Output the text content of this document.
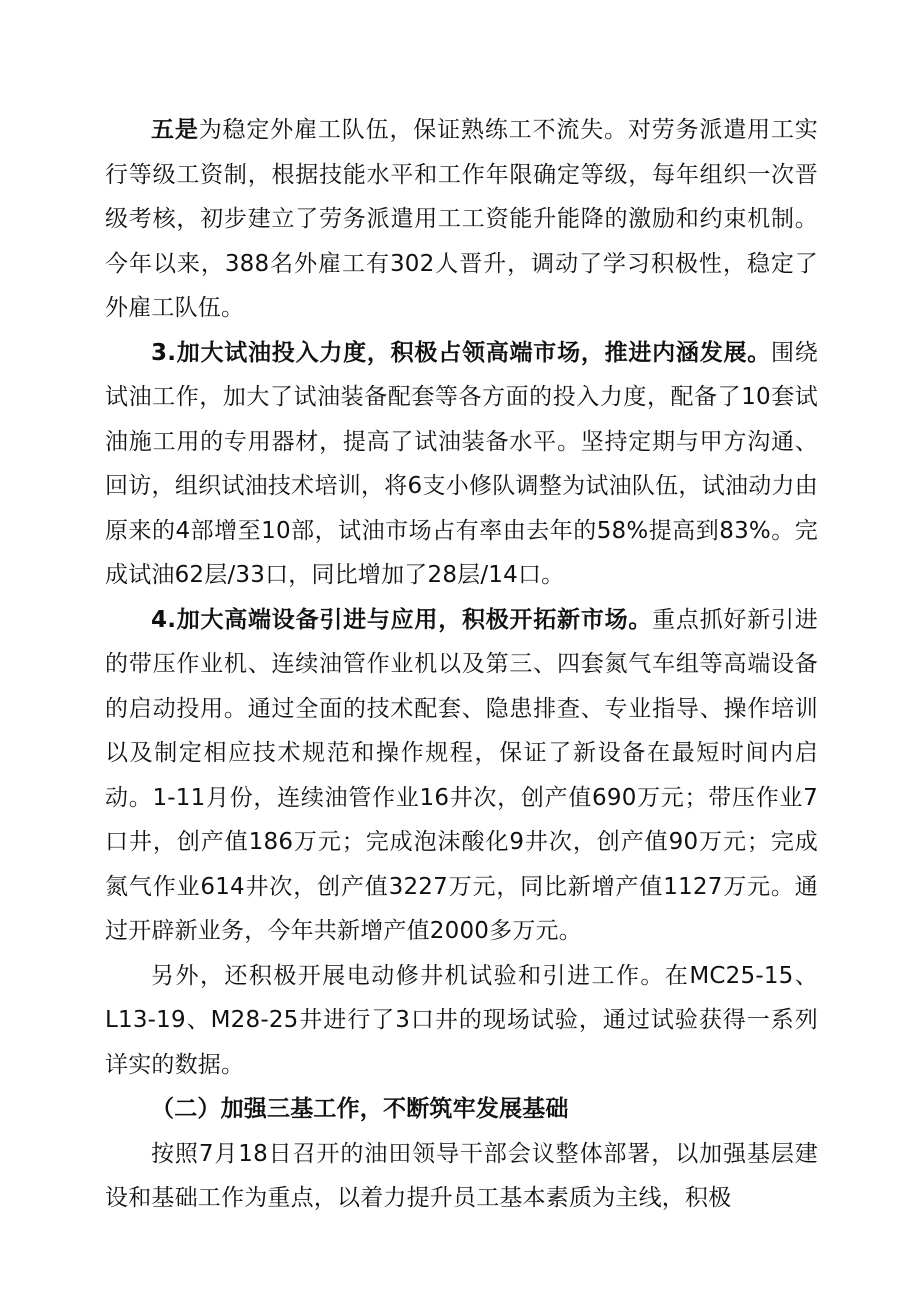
五是为稳定外雇工队伍，保证熟练工不流失。对劳务派遣用工实行等级工资制，根据技能水平和工作年限确定等级，每年组织一次晋级考核，初步建立了劳务派遣用工工资能升能降的激励和约束机制。今年以来，388名外雇工有302人晋升，调动了学习积极性，稳定了外雇工队伍。

3.加大试油投入力度，积极占领高端市场，推进内涵发展。围绕试油工作，加大了试油装备配套等各方面的投入力度，配备了10套试油施工用的专用器材，提高了试油装备水平。坚持定期与甲方沟通、回访，组织试油技术培训，将6支小修队调整为试油队伍，试油动力由原来的4部增至10部，试油市场占有率由去年的58%提高到83%。完成试油62层/33口，同比增加了28层/14口。

4.加大高端设备引进与应用，积极开拓新市场。重点抓好新引进的带压作业机、连续油管作业机以及第三、四套氮气车组等高端设备的启动投用。通过全面的技术配套、隐患排查、专业指导、操作培训以及制定相应技术规范和操作规程，保证了新设备在最短时间内启动。1-11月份，连续油管作业16井次，创产值690万元；带压作业7口井，创产值186万元；完成泡沫酸化9井次，创产值90万元；完成氮气作业614井次，创产值3227万元，同比新增产值1127万元。通过开辟新业务，今年共新增产值2000多万元。

另外，还积极开展电动修井机试验和引进工作。在MC25-15、L13-19、M28-25井进行了3口井的现场试验，通过试验获得一系列详实的数据。

（二）加强三基工作，不断筑牢发展基础

按照7月18日召开的油田领导干部会议整体部署，以加强基层建设和基础工作为重点，以着力提升员工基本素质为主线，积极
